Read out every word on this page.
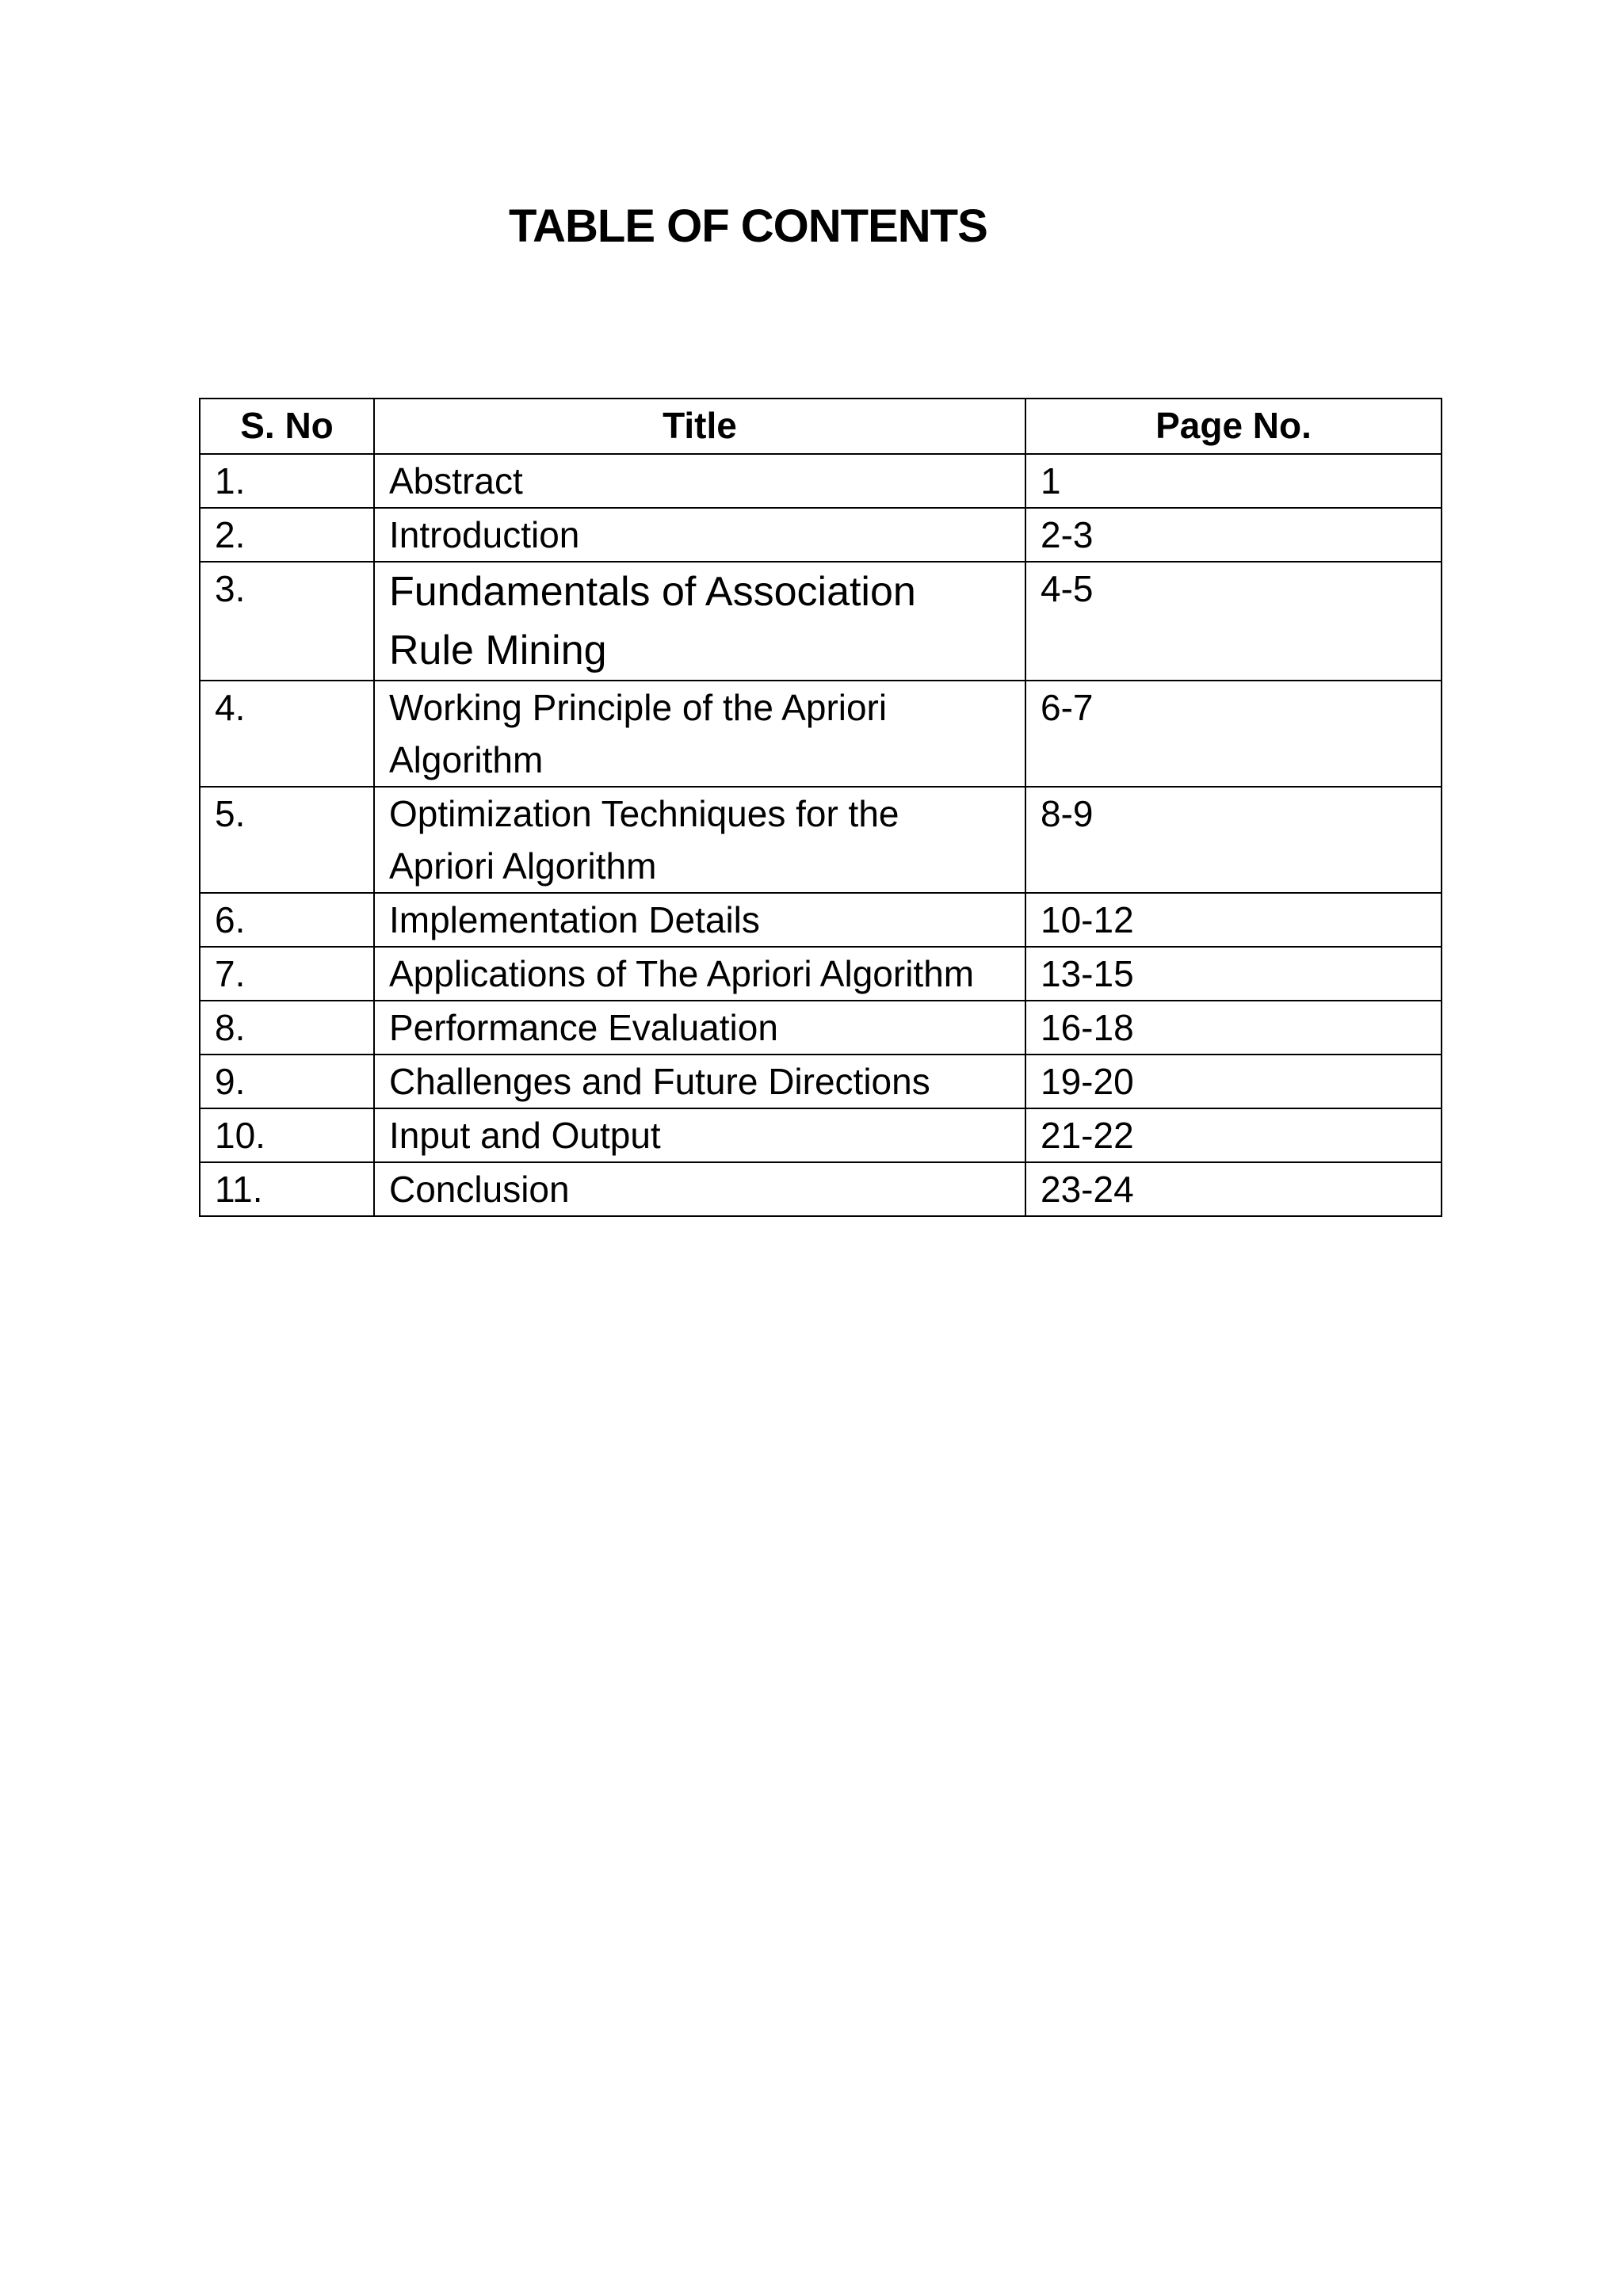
TABLE OF CONTENTS
S. No	Title	Page No.
1.	Abstract	1
2.	Introduction	2-3
3.	Fundamentals of Association Rule Mining	4-5
4.	Working Principle of the Apriori Algorithm	6-7
5.	Optimization Techniques for the Apriori Algorithm	8-9
6.	Implementation Details	10-12
7.	Applications of The Apriori Algorithm	13-15
8.	Performance Evaluation	16-18
9.	Challenges and Future Directions	19-20
10.	Input and Output	21-22
11.	Conclusion	23-24
